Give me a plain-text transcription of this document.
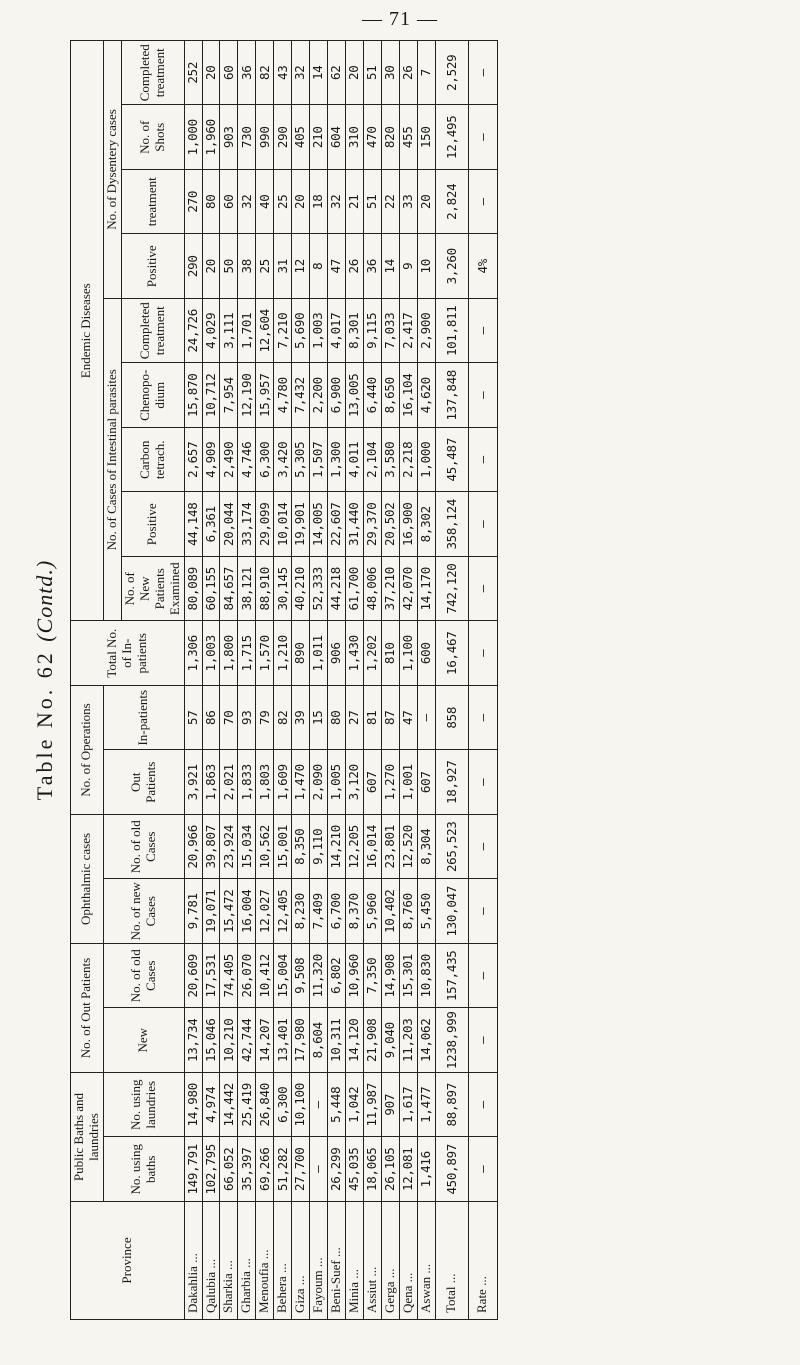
— 71 —
Table No. 62 (Contd.)
Province	Public Baths and laundries		No. of Out Patients		Ophthalmic cases		No. of Operations		Total No. of In-patients	Endemic Diseases								
	No. using baths	No. using laundries	New	No. of old Cases	No. of new Cases	No. of old Cases	Out Patients	In-patients		No. of Cases of Intestinal parasites					No. of Dysentery cases			
										No. of New Patients Examined	Positive	Carbon tetrach.	Chenopo-dium	Completed treatment	Positive	treatment	No. of Shots	Completed treatment
Dakahlia ...	149,791	14,980	13,734	20,609	9,781	20,966	3,921	57	1,306	80,089	44,148	2,657	15,870	24,726	290	270	1,000	252
Qalubia ...	102,795	4,974	15,046	17,531	19,071	39,807	1,863	86	1,003	60,155	6,361	4,909	10,712	4,029	20	80	1,960	20
Sharkia ...	66,052	14,442	10,210	74,405	15,472	23,924	2,021	70	1,800	84,657	20,044	2,490	7,954	3,111	50	60	903	60
Gharbia ...	35,397	25,419	42,744	26,070	16,004	15,034	1,833	93	1,715	38,121	33,174	4,746	12,190	1,701	38	32	730	36
Menoufia ...	69,266	26,840	14,207	10,412	12,027	10,562	1,803	79	1,570	88,910	29,099	6,300	15,957	12,604	25	40	990	82
Behera ...	51,282	6,300	13,401	15,004	12,405	15,001	1,609	82	1,210	30,145	10,014	3,420	4,780	7,210	31	25	290	43
Giza ...	27,700	10,100	17,980	9,508	8,230	8,350	1,470	39	890	40,210	19,901	5,305	7,432	5,690	12	20	405	32
Fayoum ...	—	—	8,604	11,320	7,409	9,110	2,090	15	1,011	52,333	14,005	1,507	2,200	1,003	8	18	210	14
Beni-Suef ...	26,299	5,448	10,311	6,802	6,700	14,210	1,005	80	906	44,218	22,607	1,300	6,900	4,017	47	32	604	62
Minia ...	45,035	1,042	14,120	10,960	8,370	12,205	3,120	27	1,430	61,700	31,440	4,011	13,005	8,301	26	21	310	20
Assiut ...	18,065	11,987	21,908	7,350	5,960	16,014	607	81	1,202	48,006	29,370	2,104	6,440	9,115	36	51	470	51
Gerga ...	26,105	907	9,040	14,908	10,402	23,801	1,270	87	810	37,210	20,502	3,580	8,650	7,033	14	22	820	30
Qena ...	12,081	1,617	11,203	15,301	8,760	12,520	1,001	47	1,100	42,070	16,900	2,218	16,104	2,417	9	33	455	26
Aswan ...	1,416	1,477	14,062	10,830	5,450	8,304	607	—	600	14,170	8,302	1,000	4,620	2,900	10	20	150	7
Total ...	450,897	88,897	1238,999	157,435	130,047	265,523	18,927	858	16,467	742,120	358,124	45,487	137,848	101,811	3,260	2,824	12,495	2,529
Rate ...	—	—	—	—	—	—	—	—	—	—	—	—	—	—	4%	—	—	—
